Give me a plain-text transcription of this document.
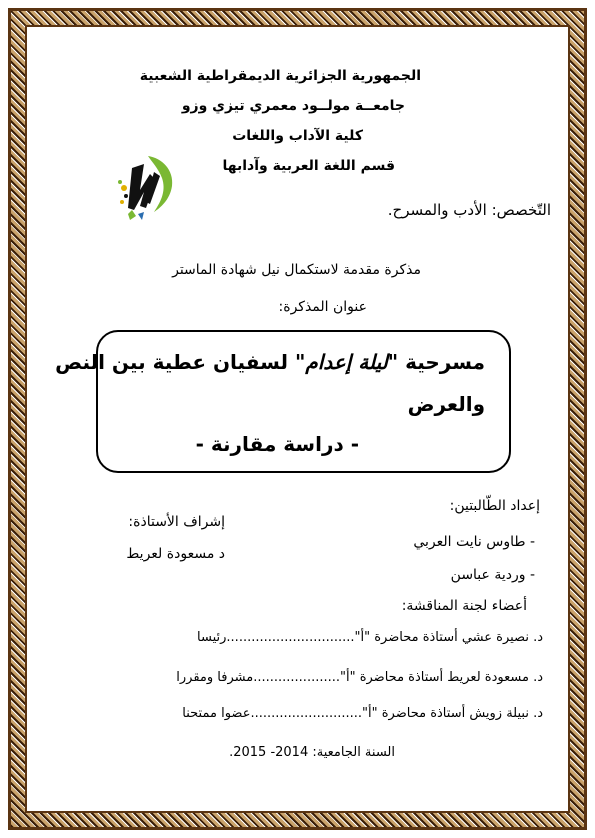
الجمهورية الجزائرية الديمقراطية الشعبية
جامعــة مولــود معمري تيزي وزو
كلية الآداب واللغات
قسم اللغة العربية وآدابها
التّخصص: الأدب والمسرح.
مذكرة مقدمة لاستكمال نيل شهادة الماستر
عنوان المذكرة:
مسرحية "ليلة إعدام" لسفيان عطية بين النص
والعرض
- دراسة مقارنة -
إعداد الطّالبتين:
- طاوس نايت العربي
- وردية عباسن
إشراف الأستاذة:
د مسعودة لعريط
أعضاء لجنة المناقشة:
د. نصيرة عشي أستاذة محاضرة "أ"...............................رئيسا
د. مسعودة لعريط أستاذة محاضرة "أ".....................مشرفا ومقررا
د. نبيلة زويش أستاذة محاضرة "أ"...........................عضوا ممتحنا
السنة الجامعية: 2014- 2015.
